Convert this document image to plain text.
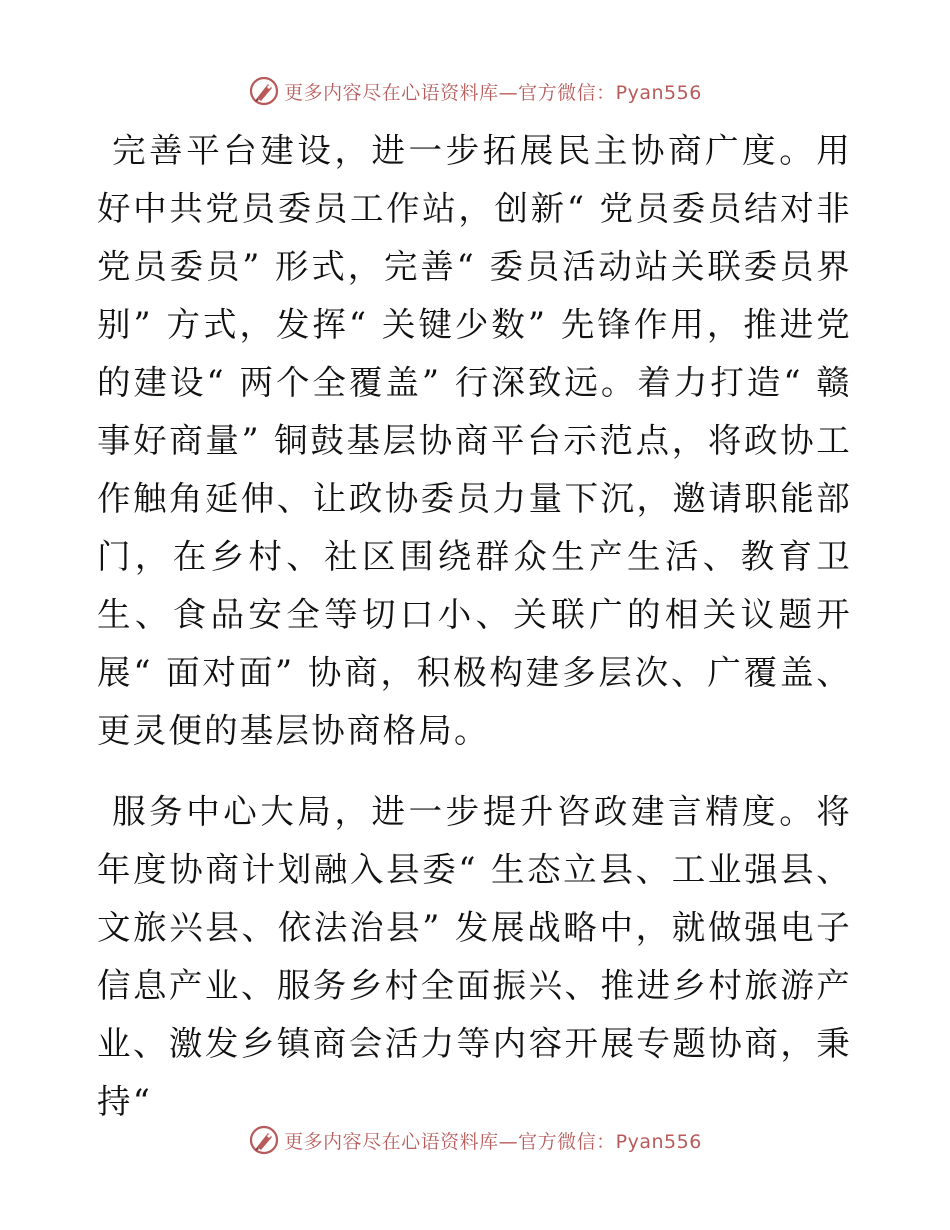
更多内容尽在心语资料库—官方微信：Pyan556

完善平台建设，进一步拓展民主协商广度。用好中共党员委员工作站，创新“ 党员委员结对非党员委员” 形式，完善“ 委员活动站关联委员界别” 方式，发挥“ 关键少数” 先锋作用，推进党的建设“ 两个全覆盖” 行深致远。着力打造“ 赣事好商量” 铜鼓基层协商平台示范点，将政协工作触角延伸、让政协委员力量下沉，邀请职能部门，在乡村、社区围绕群众生产生活、教育卫生、食品安全等切口小、关联广的相关议题开展“ 面对面” 协商，积极构建多层次、广覆盖、更灵便的基层协商格局。

服务中心大局，进一步提升咨政建言精度。将年度协商计划融入县委“ 生态立县、工业强县、文旅兴县、依法治县” 发展战略中，就做强电子信息产业、服务乡村全面振兴、推进乡村旅游产业、激发乡镇商会活力等内容开展专题协商，秉持“

更多内容尽在心语资料库—官方微信：Pyan556
